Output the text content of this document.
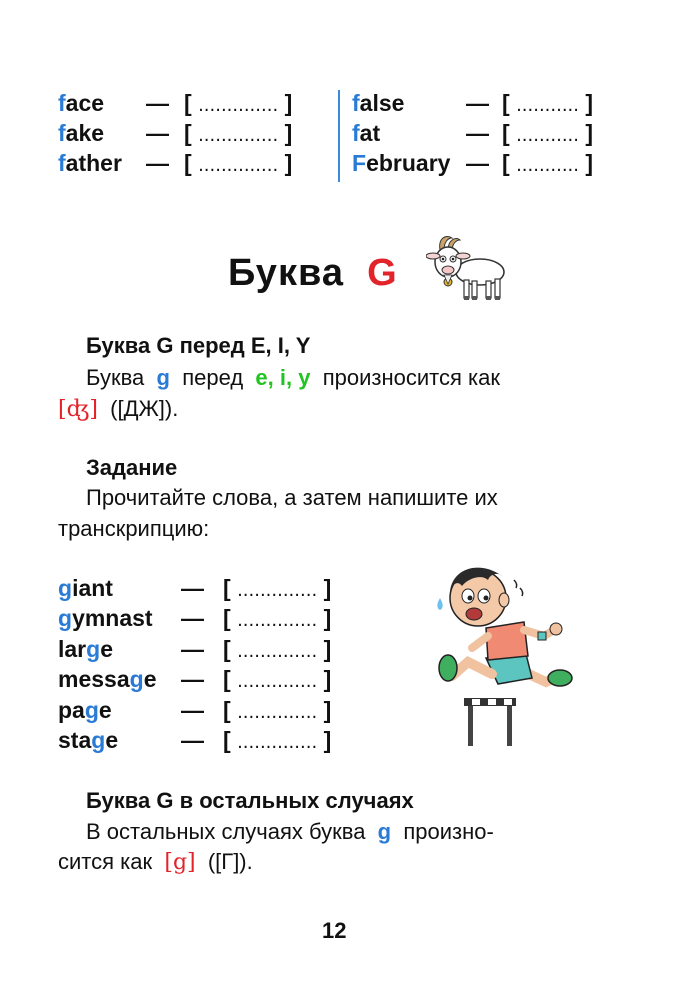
face — [ .............. ]
fake — [ .............. ]
father — [ .............. ]
false	— [ ........... ]
fat	— [ ........... ]
February — [ ........... ]
Буква G
Буква G перед E, I, Y
Буква g перед e, i, y произносится как
[ʤ] ([ДЖ]).
Задание
Прочитайте слова, а затем напишите их
транскрипцию:
giant	— [ .............. ]
gymnast — [ .............. ]
large	— [ .............. ]
message — [ .............. ]
page	— [ .............. ]
stage	— [ .............. ]
Буква G в остальных случаях
В остальных случаях буква g произно-
сится как [g] ([Г]).
12
